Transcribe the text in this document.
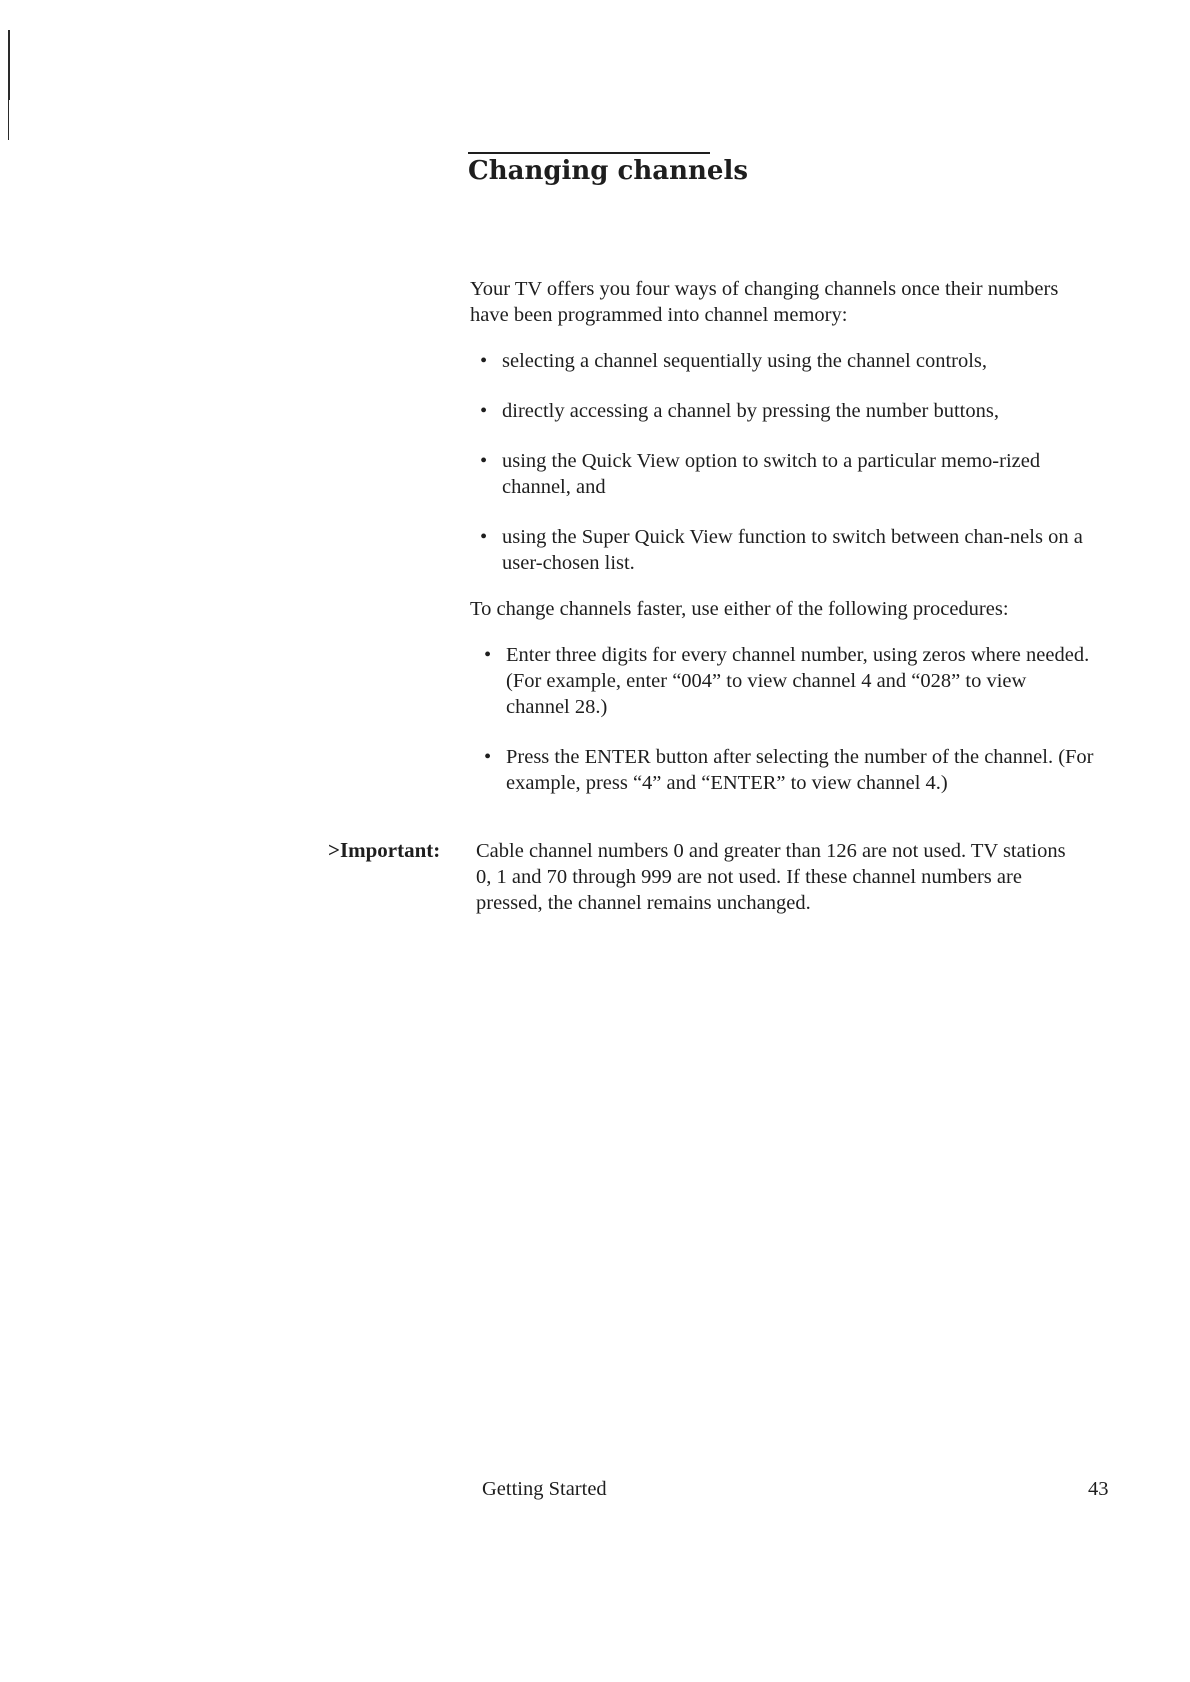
Changing channels

Your TV offers you four ways of changing channels once their numbers have been programmed into channel memory:

• selecting a channel sequentially using the channel controls,
• directly accessing a channel by pressing the number buttons,
• using the Quick View option to switch to a particular memo-rized channel, and
• using the Super Quick View function to switch between chan-nels on a user-chosen list.

To change channels faster, use either of the following procedures:

• Enter three digits for every channel number, using zeros where needed. (For example, enter “004” to view channel 4 and “028” to view channel 28.)
• Press the ENTER button after selecting the number of the channel. (For example, press “4” and “ENTER” to view channel 4.)
>Important: Cable channel numbers 0 and greater than 126 are not used. TV stations 0, 1 and 70 through 999 are not used. If these channel numbers are pressed, the channel remains unchanged.

Getting Started	43
